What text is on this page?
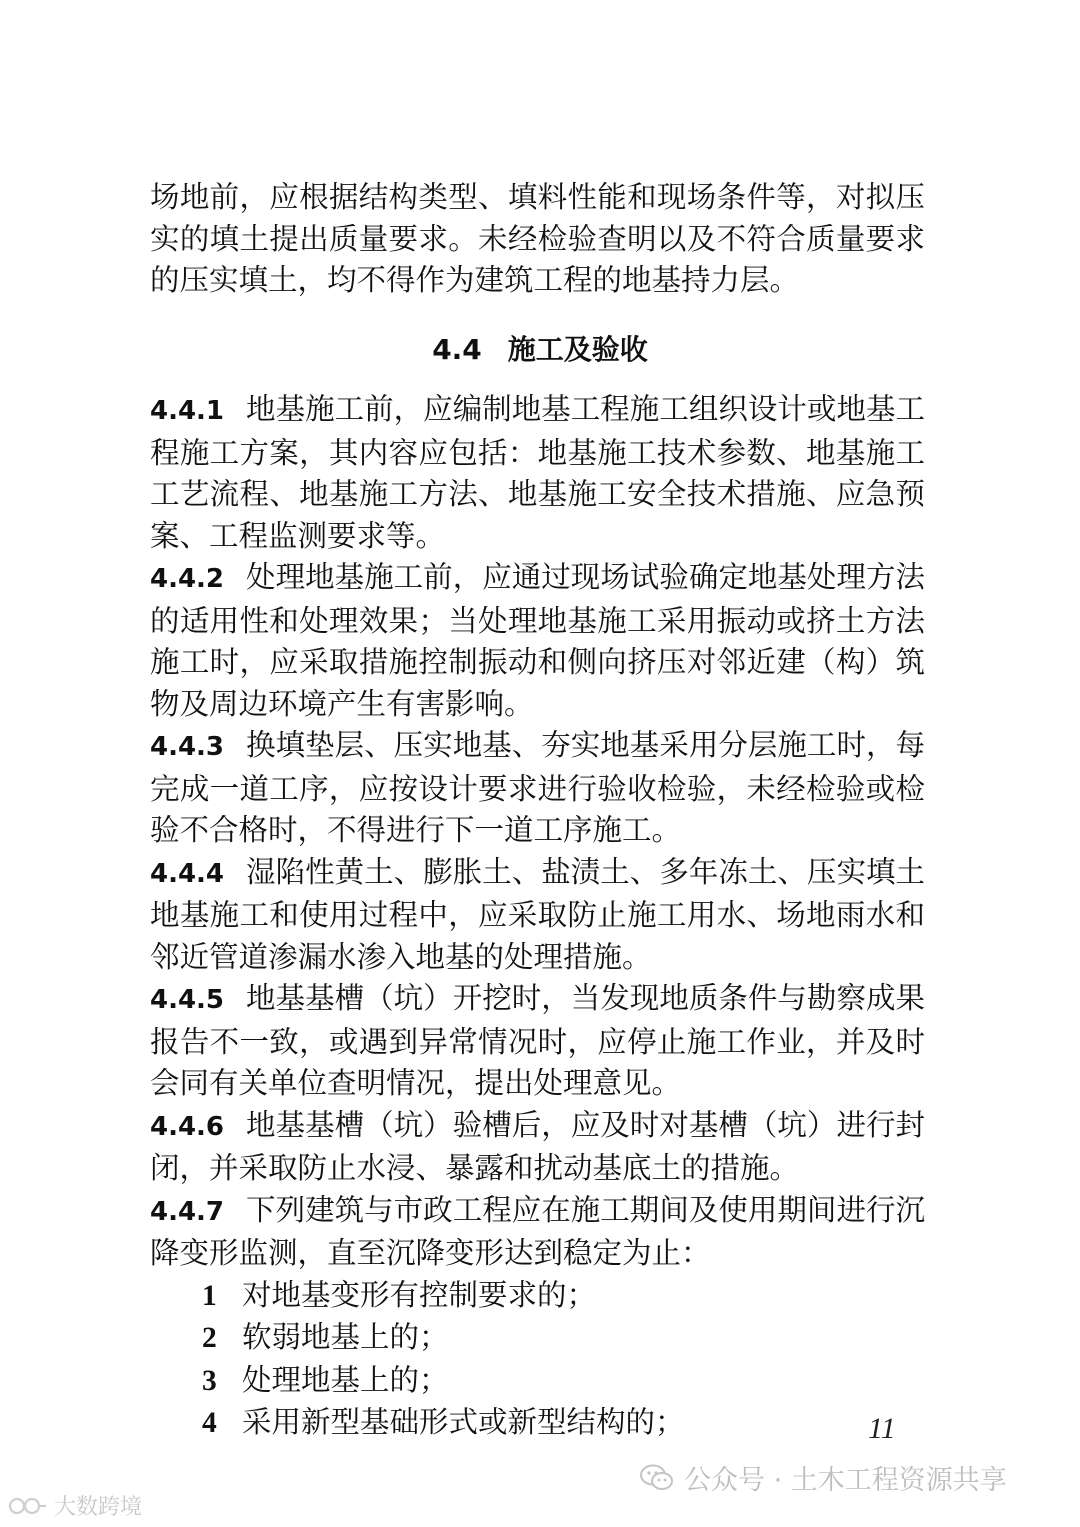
场地前，应根据结构类型、填料性能和现场条件等，对拟压实的填土提出质量要求。未经检验查明以及不符合质量要求的压实填土，均不得作为建筑工程的地基持力层。
4.4 施工及验收

4.4.1 地基施工前，应编制地基工程施工组织设计或地基工程施工方案，其内容应包括：地基施工技术参数、地基施工工艺流程、地基施工方法、地基施工安全技术措施、应急预案、工程监测要求等。

4.4.2 处理地基施工前，应通过现场试验确定地基处理方法的适用性和处理效果；当处理地基施工采用振动或挤土方法施工时，应采取措施控制振动和侧向挤压对邻近建（构）筑物及周边环境产生有害影响。

4.4.3 换填垫层、压实地基、夯实地基采用分层施工时，每完成一道工序，应按设计要求进行验收检验，未经检验或检验不合格时，不得进行下一道工序施工。

4.4.4 湿陷性黄土、膨胀土、盐渍土、多年冻土、压实填土地基施工和使用过程中，应采取防止施工用水、场地雨水和邻近管道渗漏水渗入地基的处理措施。

4.4.5 地基基槽（坑）开挖时，当发现地质条件与勘察成果报告不一致，或遇到异常情况时，应停止施工作业，并及时会同有关单位查明情况，提出处理意见。

4.4.6 地基基槽（坑）验槽后，应及时对基槽（坑）进行封闭，并采取防止水浸、暴露和扰动基底土的措施。

4.4.7 下列建筑与市政工程应在施工期间及使用期间进行沉降变形监测，直至沉降变形达到稳定为止：

1 对地基变形有控制要求的；

2 软弱地基上的；

3 处理地基上的；

4 采用新型基础形式或新型结构的；	11
公众号 · 土木工程资源共享
大数跨境
